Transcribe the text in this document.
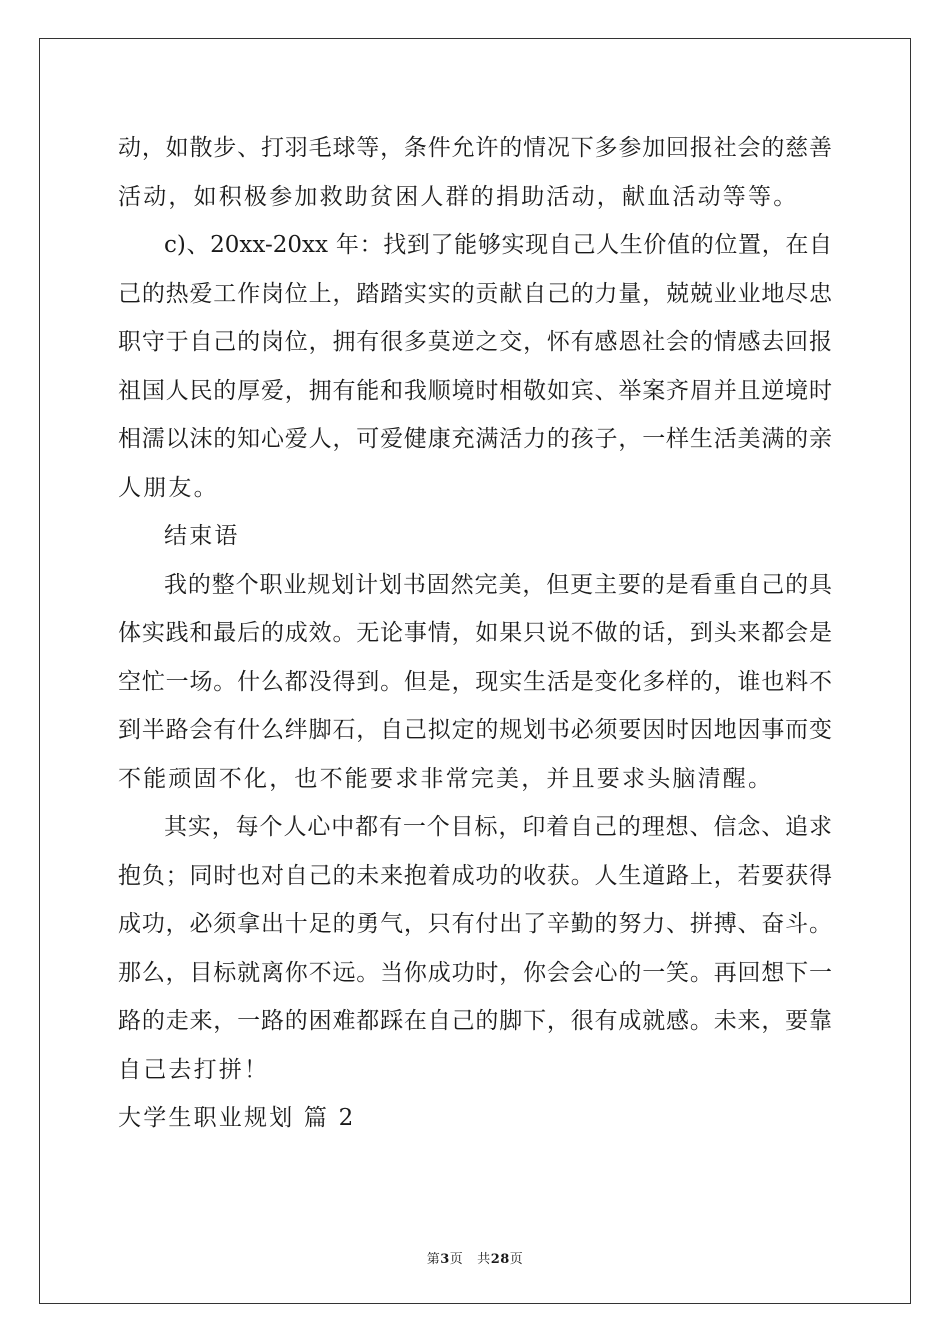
动，如散步、打羽毛球等，条件允许的情况下多参加回报社会的慈善
活动，如积极参加救助贫困人群的捐助活动，献血活动等等。
c)、20xx-20xx 年：找到了能够实现自己人生价值的位置，在自
己的热爱工作岗位上，踏踏实实的贡献自己的力量，兢兢业业地尽忠
职守于自己的岗位，拥有很多莫逆之交，怀有感恩社会的情感去回报
祖国人民的厚爱，拥有能和我顺境时相敬如宾、举案齐眉并且逆境时
相濡以沫的知心爱人，可爱健康充满活力的孩子，一样生活美满的亲
人朋友。
结束语
我的整个职业规划计划书固然完美，但更主要的是看重自己的具
体实践和最后的成效。无论事情，如果只说不做的话，到头来都会是
空忙一场。什么都没得到。但是，现实生活是变化多样的，谁也料不
到半路会有什么绊脚石，自己拟定的规划书必须要因时因地因事而变
不能顽固不化，也不能要求非常完美，并且要求头脑清醒。
其实，每个人心中都有一个目标，印着自己的理想、信念、追求
抱负；同时也对自己的未来抱着成功的收获。人生道路上，若要获得
成功，必须拿出十足的勇气，只有付出了辛勤的努力、拼搏、奋斗。
那么，目标就离你不远。当你成功时，你会会心的一笑。再回想下一
路的走来，一路的困难都踩在自己的脚下，很有成就感。未来，要靠
自己去打拼！
大学生职业规划 篇 2
第3页 共28页
